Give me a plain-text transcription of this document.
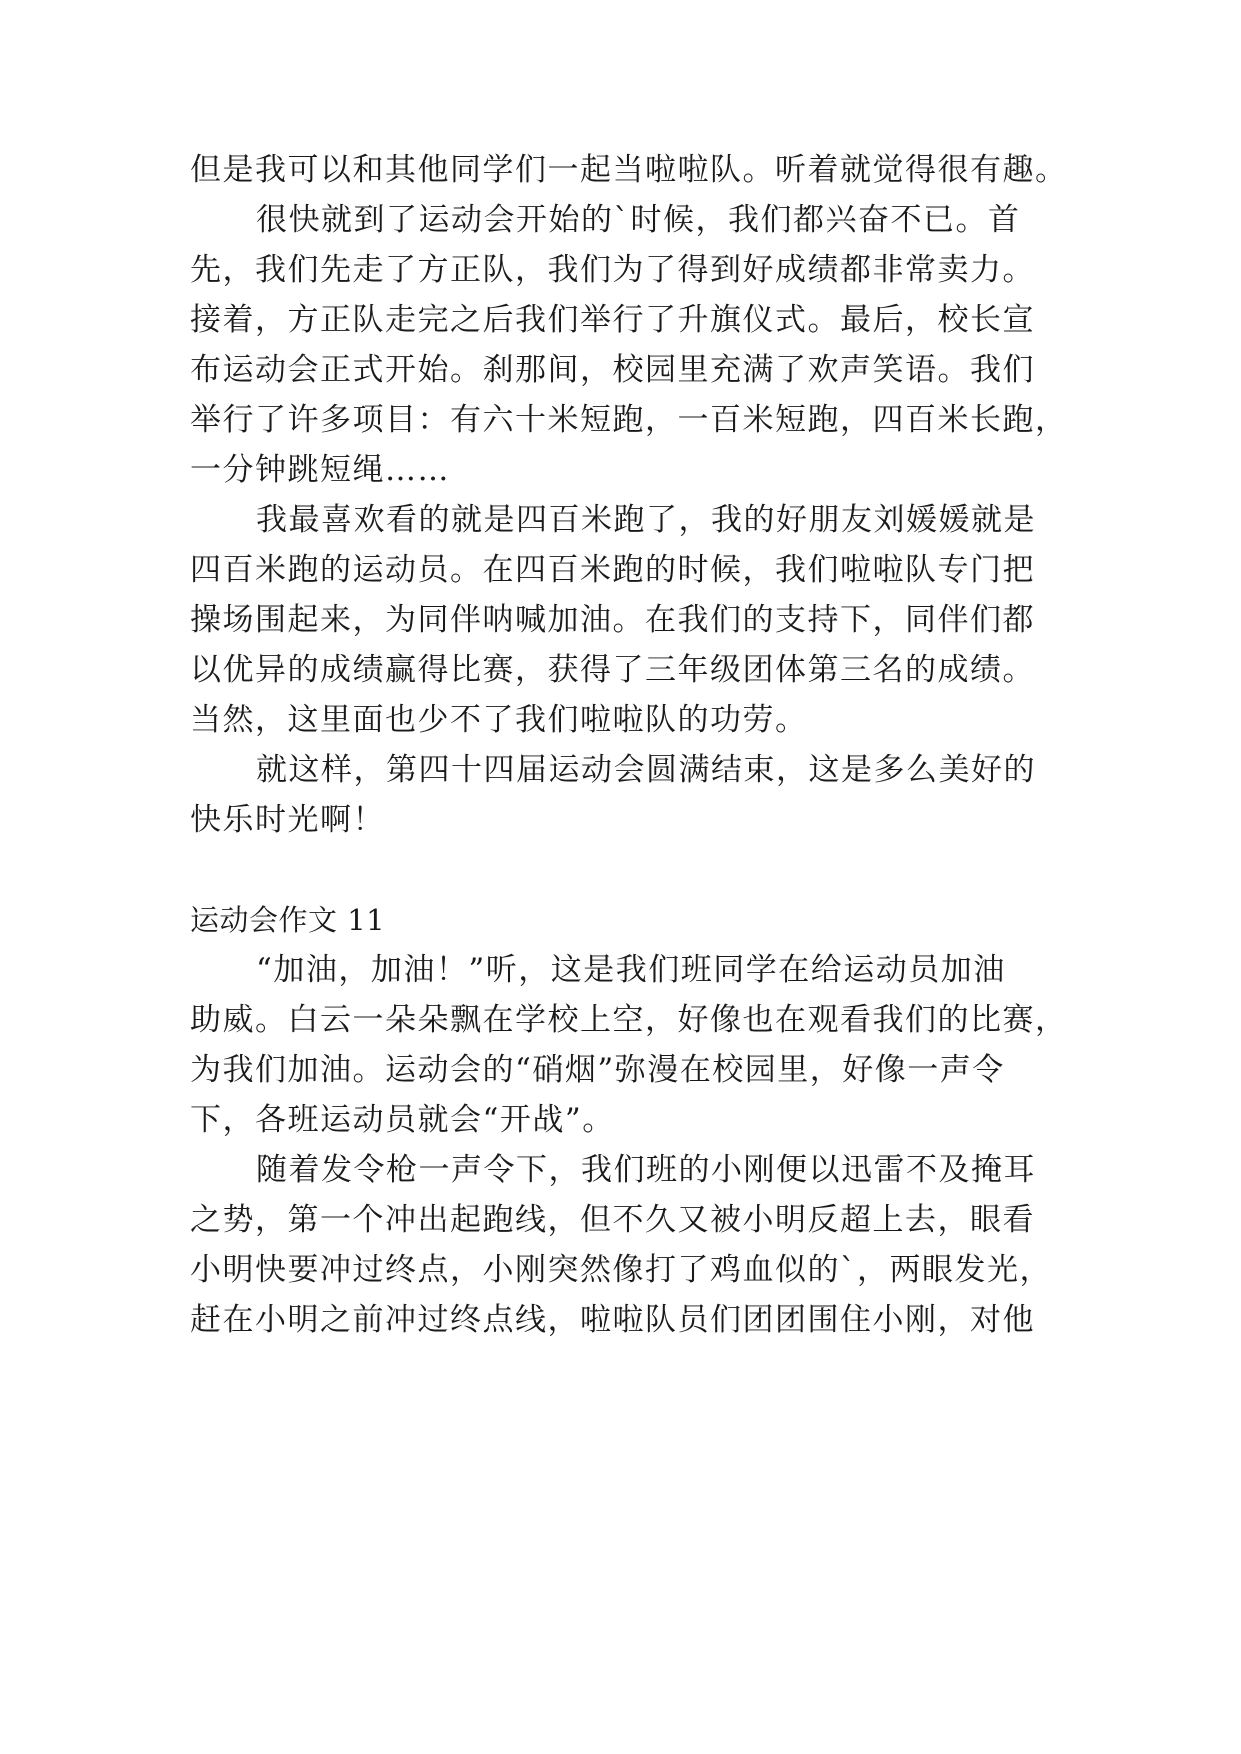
但是我可以和其他同学们一起当啦啦队。听着就觉得很有趣。
很快就到了运动会开始的`时候，我们都兴奋不已。首
先，我们先走了方正队，我们为了得到好成绩都非常卖力。
接着，方正队走完之后我们举行了升旗仪式。最后，校长宣
布运动会正式开始。刹那间，校园里充满了欢声笑语。我们
举行了许多项目：有六十米短跑，一百米短跑，四百米长跑，
一分钟跳短绳……
我最喜欢看的就是四百米跑了，我的好朋友刘媛媛就是
四百米跑的运动员。在四百米跑的时候，我们啦啦队专门把
操场围起来，为同伴呐喊加油。在我们的支持下，同伴们都
以优异的成绩赢得比赛，获得了三年级团体第三名的成绩。
当然，这里面也少不了我们啦啦队的功劳。
就这样，第四十四届运动会圆满结束，这是多么美好的
快乐时光啊！
运动会作文 11
“加油，加油！”听，这是我们班同学在给运动员加油
助威。白云一朵朵飘在学校上空，好像也在观看我们的比赛，
为我们加油。运动会的“硝烟”弥漫在校园里，好像一声令
下，各班运动员就会“开战”。
随着发令枪一声令下，我们班的小刚便以迅雷不及掩耳
之势，第一个冲出起跑线，但不久又被小明反超上去，眼看
小明快要冲过终点，小刚突然像打了鸡血似的`，两眼发光，
赶在小明之前冲过终点线，啦啦队员们团团围住小刚，对他
